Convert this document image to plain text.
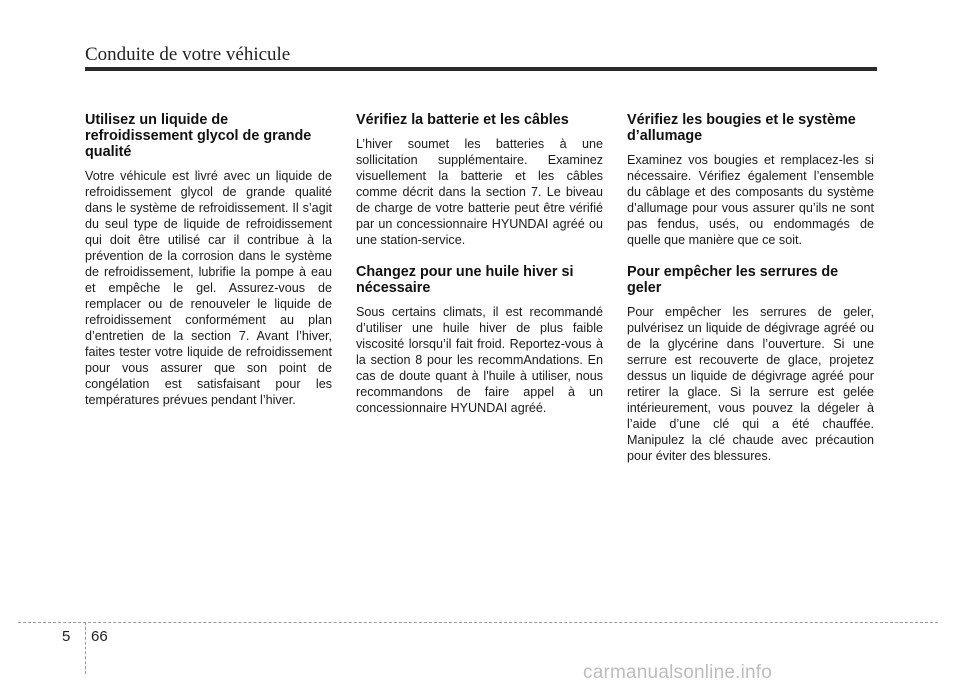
Conduite de votre véhicule
Utilisez un liquide de refroidissement glycol de grande qualité

Votre véhicule est livré avec un liquide de refroidissement glycol de grande qualité dans le système de refroidissement. Il s’agit du seul type de liquide de refroidissement qui doit être utilisé car il contribue à la prévention de la corrosion dans le système de refroidissement, lubrifie la pompe à eau et empêche le gel. Assurez-vous de remplacer ou de renouveler le liquide de refroidissement conformément au plan d’entretien de la section 7. Avant l’hiver, faites tester votre liquide de refroidissement pour vous assurer que son point de congélation est satisfaisant pour les températures prévues pendant l’hiver.

Vérifiez la batterie et les câbles

L’hiver soumet les batteries à une sollicitation supplémentaire. Examinez visuellement la batterie et les câbles comme décrit dans la section 7. Le biveau de charge de votre batterie peut être vérifié par un concessionnaire HYUNDAI agréé ou une station-service.

Changez pour une huile hiver si nécessaire

Sous certains climats, il est recommandé d’utiliser une huile hiver de plus faible viscosité lorsqu’il fait froid. Reportez-vous à la section 8 pour les recommAndations. En cas de doute quant à l'huile à utiliser, nous recommandons de faire appel à un concessionnaire HYUNDAI agréé.

Vérifiez les bougies et le système d’allumage

Examinez vos bougies et remplacez-les si nécessaire. Vérifiez également l’ensemble du câblage et des composants du système d’allumage pour vous assurer qu’ils ne sont pas fendus, usés, ou endommagés de quelle que manière que ce soit.

Pour empêcher les serrures de geler

Pour empêcher les serrures de geler, pulvérisez un liquide de dégivrage agréé ou de la glycérine dans l’ouverture. Si une serrure est recouverte de glace, projetez dessus un liquide de dégivrage agréé pour retirer la glace. Si la serrure est gelée intérieurement, vous pouvez la dégeler à l’aide d’une clé qui a été chauffée. Manipulez la clé chaude avec précaution pour éviter des blessures.

5 66
carmanualsonline.info
